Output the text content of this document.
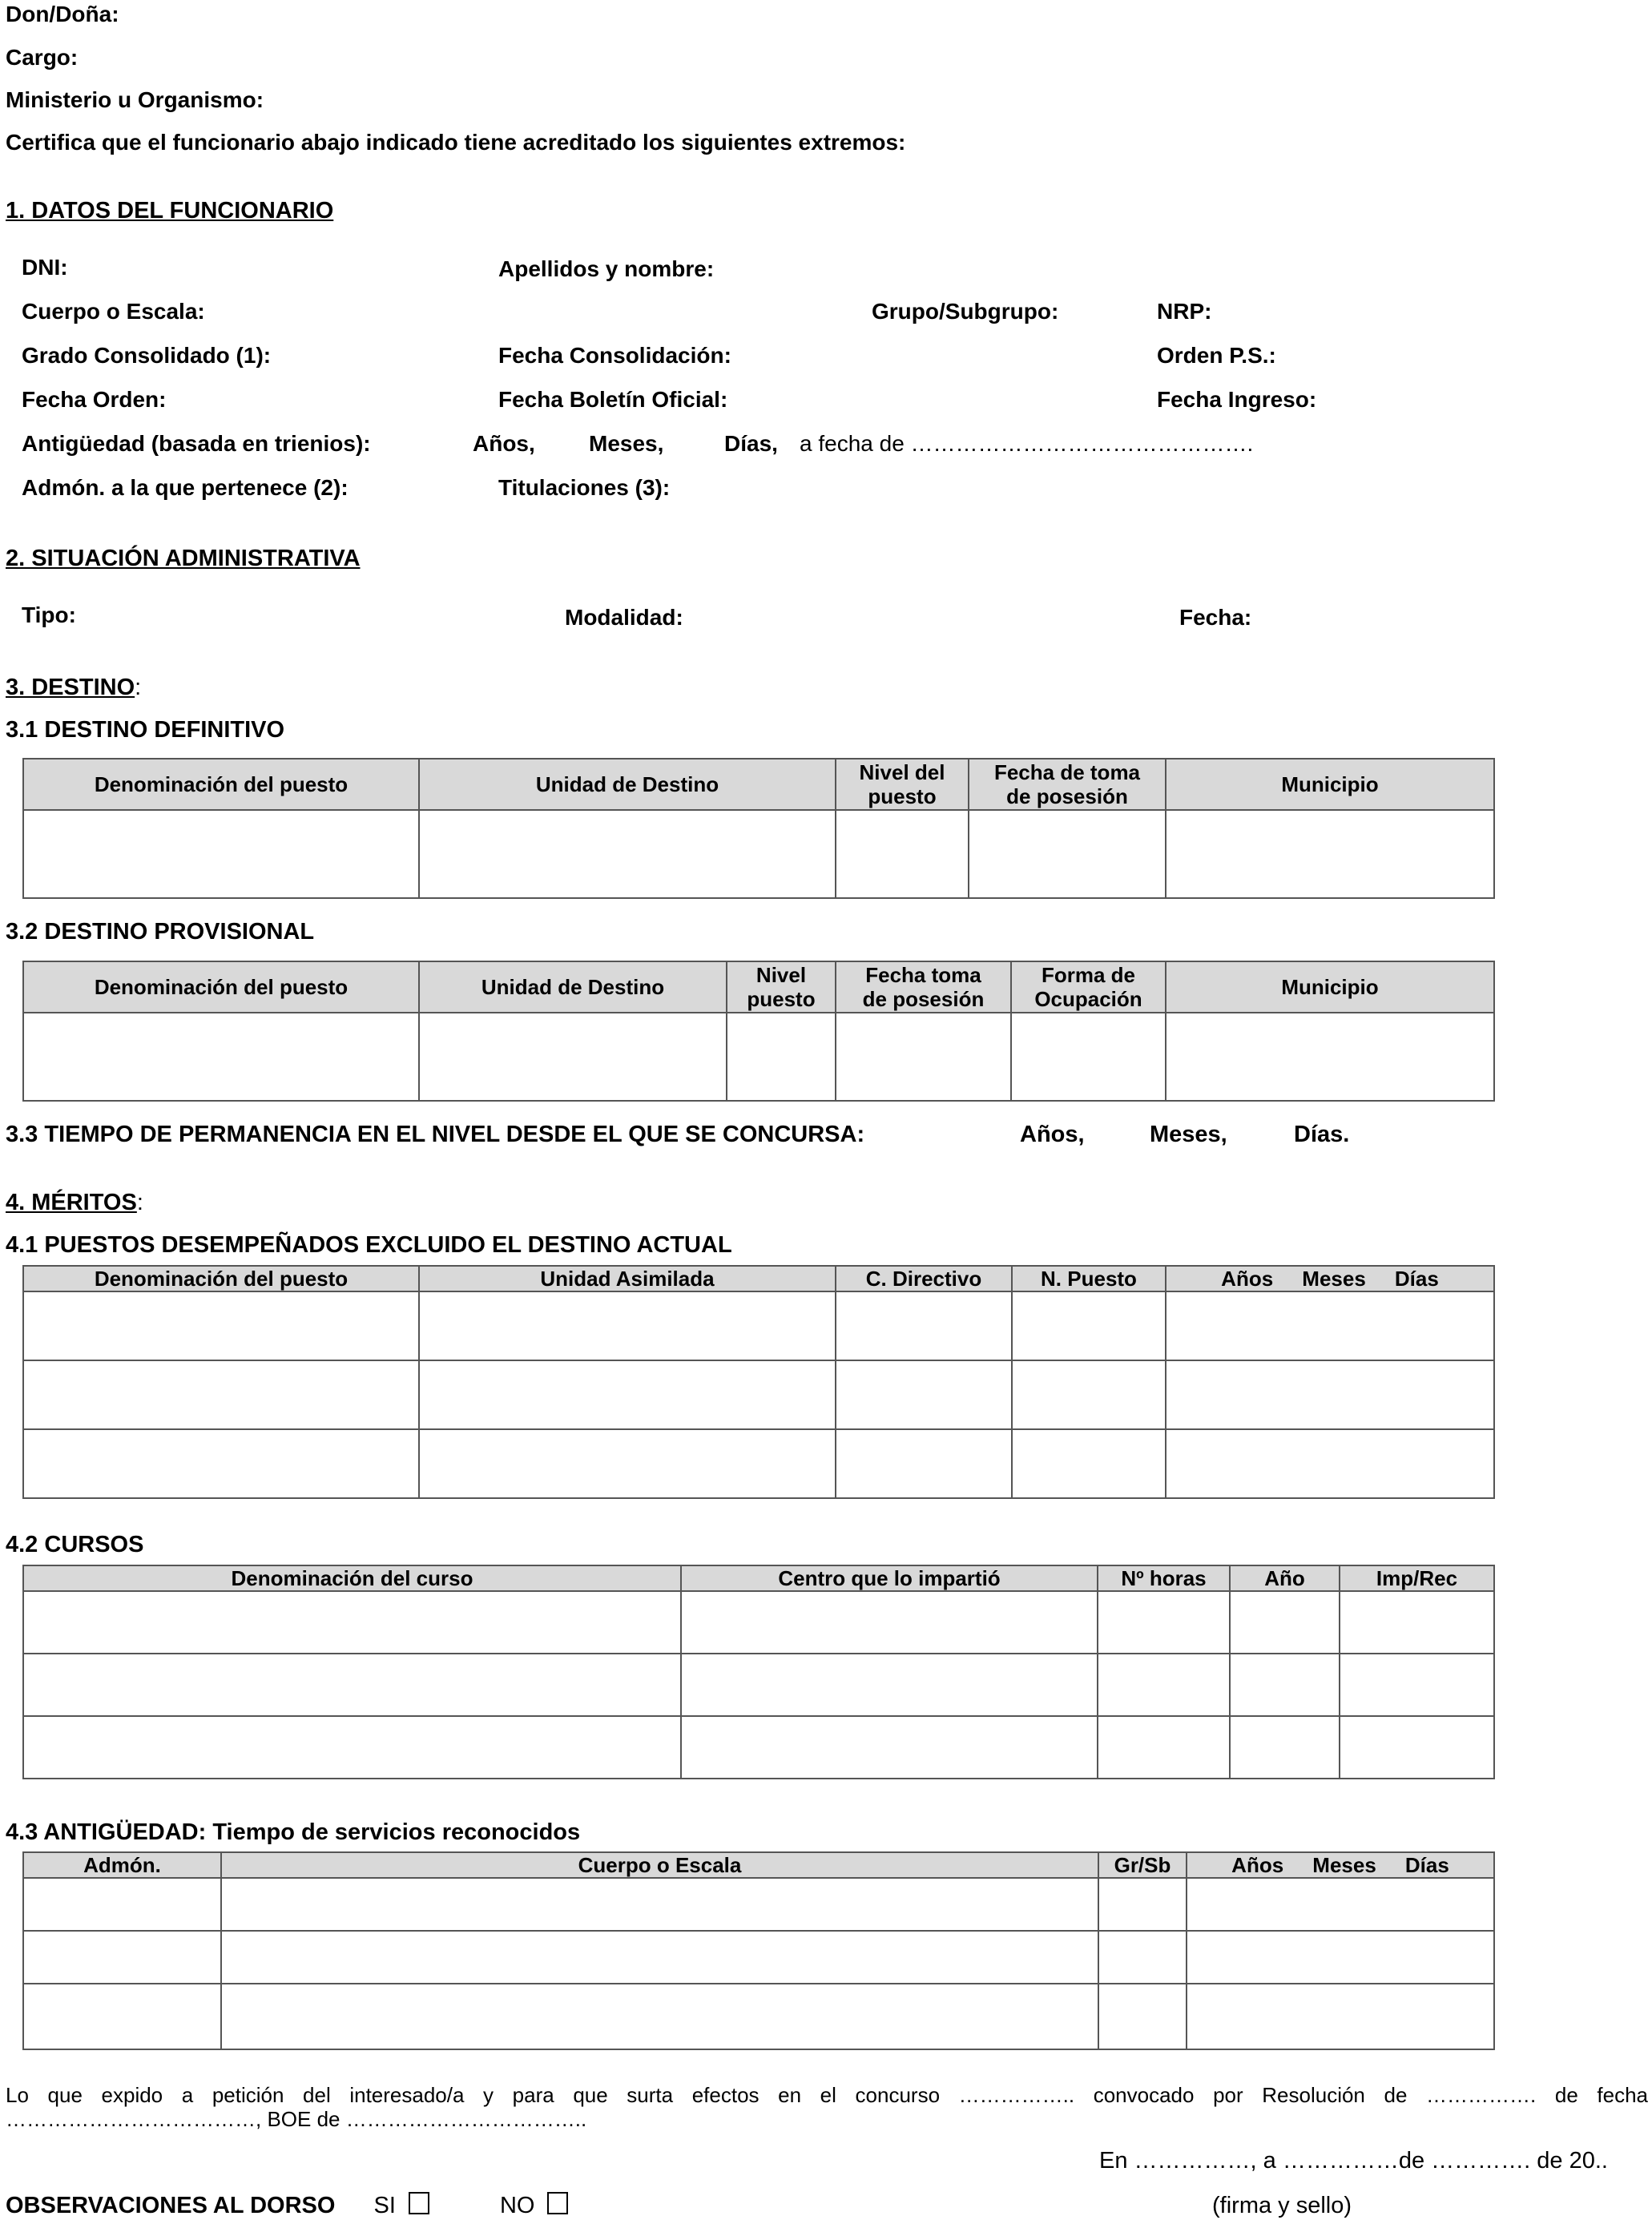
Don/Doña:
Cargo:
Ministerio u Organismo:
Certifica que el funcionario abajo indicado tiene acreditado los siguientes extremos:
1. DATOS DEL FUNCIONARIO
DNI:	Apellidos y nombre:
Cuerpo o Escala:	Grupo/Subgrupo:	NRP:
Grado Consolidado (1):	Fecha Consolidación:	Orden P.S.:
Fecha Orden:	Fecha Boletín Oficial:	Fecha Ingreso:
Antigüedad (basada en trienios):	Años, Meses,	Días, a fecha de ……………………………………….
Admón. a la que pertenece (2):	Titulaciones (3):
2. SITUACIÓN ADMINISTRATIVA
Tipo:	Modalidad:	Fecha:
3. DESTINO:
3.1 DESTINO DEFINITIVO
Denominación del puesto	Unidad de Destino	Nivel del
puesto	Fecha de toma
de posesión	Municipio

3.2 DESTINO PROVISIONAL
Denominación del puesto	Unidad de Destino	Nivel
puesto	Fecha toma
de posesión	Forma de
Ocupación	Municipio

3.3 TIEMPO DE PERMANENCIA EN EL NIVEL DESDE EL QUE SE CONCURSA:	Años,	Meses,	Días.
4. MÉRITOS:
4.1 PUESTOS DESEMPEÑADOS EXCLUIDO EL DESTINO ACTUAL
Denominación del puesto	Unidad Asimilada	C. Directivo	N. Puesto	Años     Meses     Días

4.2 CURSOS
Denominación del curso	Centro que lo impartió	Nº horas	Año	Imp/Rec

4.3 ANTIGÜEDAD: Tiempo de servicios reconocidos
Admón.	Cuerpo o Escala	Gr/Sb	Años     Meses     Días

Lo que expido a petición del interesado/a y para que surta efectos en el concurso …………….. convocado por Resolución de ……………. de fecha
………………………………, BOE de ……………………………..
En ……………, a ……………de …………. de 20..
OBSERVACIONES AL DORSO SI	NO	(firma y sello)
